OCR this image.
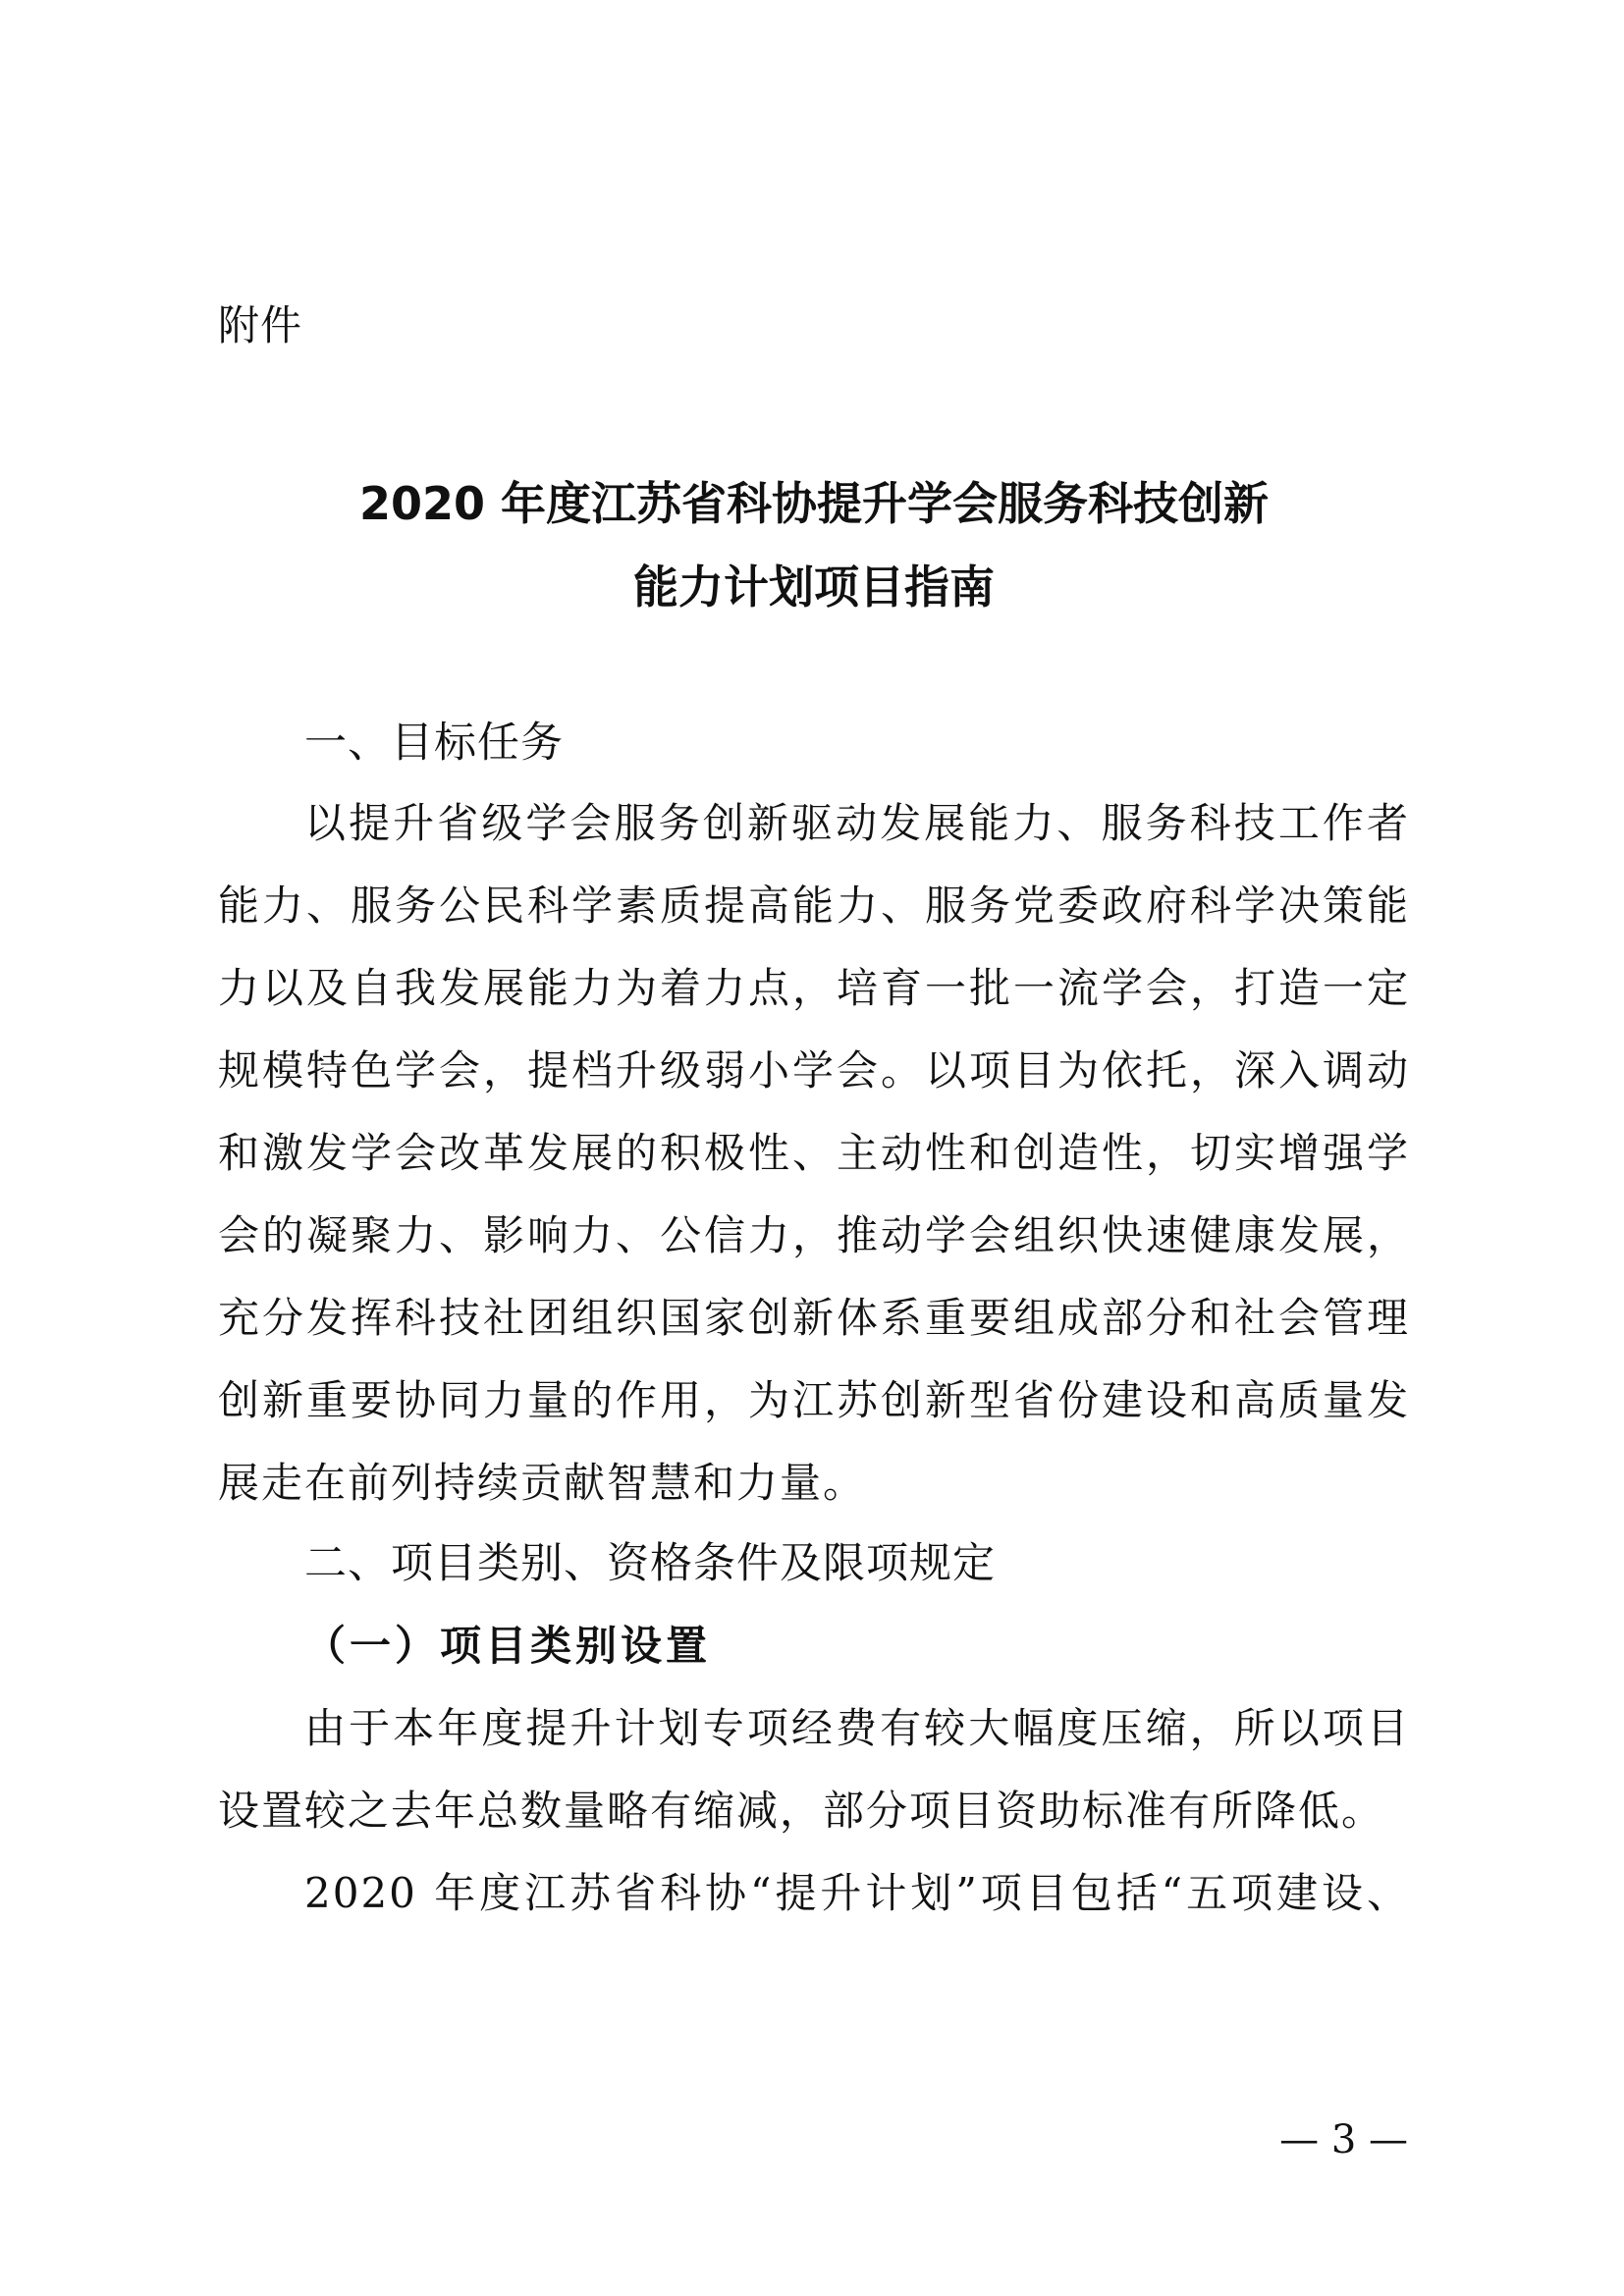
附件
2020 年度江苏省科协提升学会服务科技创新
能力计划项目指南
一、目标任务
以提升省级学会服务创新驱动发展能力、服务科技工作者
能力、服务公民科学素质提高能力、服务党委政府科学决策能
力以及自我发展能力为着力点，培育一批一流学会，打造一定
规模特色学会，提档升级弱小学会。以项目为依托，深入调动
和激发学会改革发展的积极性、主动性和创造性，切实增强学
会的凝聚力、影响力、公信力，推动学会组织快速健康发展，
充分发挥科技社团组织国家创新体系重要组成部分和社会管理
创新重要协同力量的作用，为江苏创新型省份建设和高质量发
展走在前列持续贡献智慧和力量。
二、项目类别、资格条件及限项规定
（一）项目类别设置
由于本年度提升计划专项经费有较大幅度压缩，所以项目
设置较之去年总数量略有缩减，部分项目资助标准有所降低。
2020 年度江苏省科协“提升计划”项目包括“五项建设、
— 3 —
